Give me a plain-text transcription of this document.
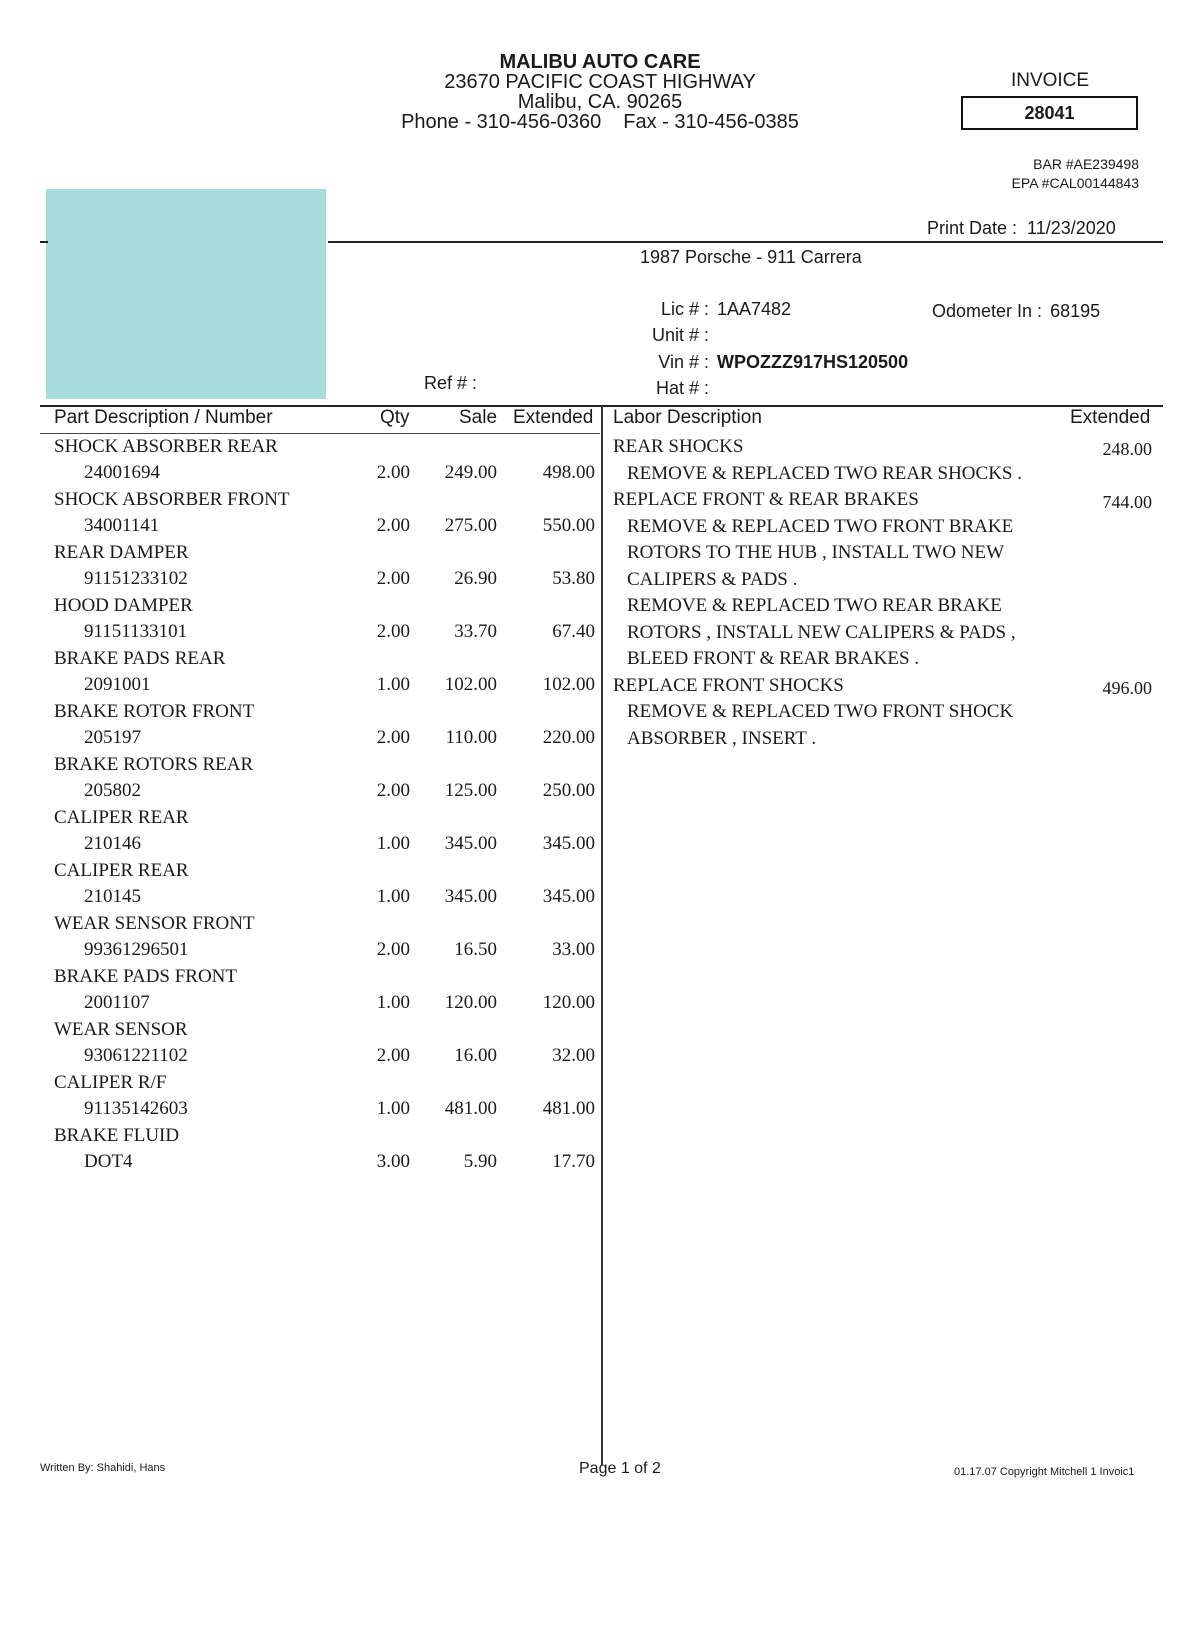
MALIBU AUTO CARE
23670 PACIFIC COAST HIGHWAY
Malibu, CA. 90265
Phone - 310-456-0360 Fax - 310-456-0385
INVOICE
28041
BAR #AE239498
EPA #CAL00144843
Print Date : 11/23/2020
1987 Porsche - 911 Carrera
Lic # : 1AA7482
Unit # :
Vin # : WPOZZZ917HS120500
Hat # :
Odometer In : 68195
Ref # :
Part Description / Number	Qty	Sale Extended Labor Description	Extended
SHOCK ABSORBER REAR
24001694	2.00 249.00 498.00
SHOCK ABSORBER FRONT
34001141	2.00 275.00 550.00
REAR DAMPER
91151233102	2.00 26.90	53.80
HOOD DAMPER
91151133101	2.00 33.70	67.40
BRAKE PADS REAR
2091001	1.00 102.00 102.00
BRAKE ROTOR FRONT
205197	2.00 110.00 220.00
BRAKE ROTORS REAR
205802	2.00 125.00 250.00
CALIPER REAR
210146	1.00 345.00 345.00
CALIPER REAR
210145	1.00 345.00 345.00
WEAR SENSOR FRONT
99361296501	2.00 16.50	33.00
BRAKE PADS FRONT
2001107	1.00 120.00 120.00
WEAR SENSOR
93061221102	2.00 16.00	32.00
CALIPER R/F
91135142603	1.00 481.00 481.00
BRAKE FLUID
DOT4	3.00	5.90	17.70
REAR SHOCKS	248.00
REMOVE & REPLACED TWO REAR SHOCKS .
REPLACE FRONT & REAR BRAKES	744.00
REMOVE & REPLACED TWO FRONT BRAKE
ROTORS TO THE HUB , INSTALL TWO NEW
CALIPERS & PADS .
REMOVE & REPLACED TWO REAR BRAKE
ROTORS , INSTALL NEW CALIPERS & PADS ,
BLEED FRONT & REAR BRAKES .
REPLACE FRONT SHOCKS	496.00
REMOVE & REPLACED TWO FRONT SHOCK
ABSORBER , INSERT .
Written By: Shahidi, Hans	Page 1 of 2	01.17.07 Copyright Mitchell 1 Invoic1
